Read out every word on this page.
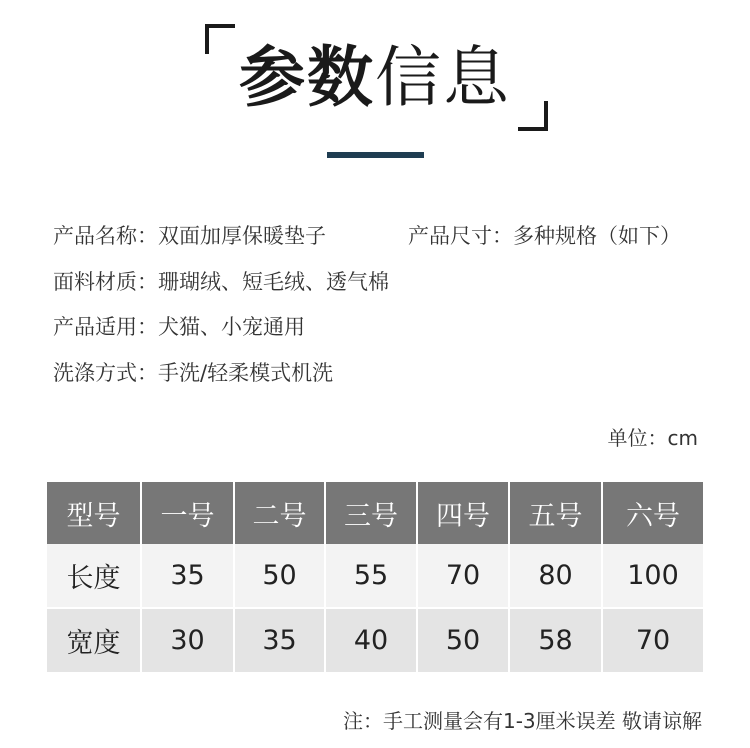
参数信息
产品名称：双面加厚保暖垫子	产品尺寸：多种规格（如下）
面料材质：珊瑚绒、短毛绒、透气棉
产品适用：犬猫、小宠通用
洗涤方式：手洗/轻柔模式机洗
单位：cm
型号	一号	二号	三号	四号	五号	六号
长度	35	50	55	70	80	100
宽度	30	35	40	50	58	70
注：手工测量会有1-3厘米误差 敬请谅解
